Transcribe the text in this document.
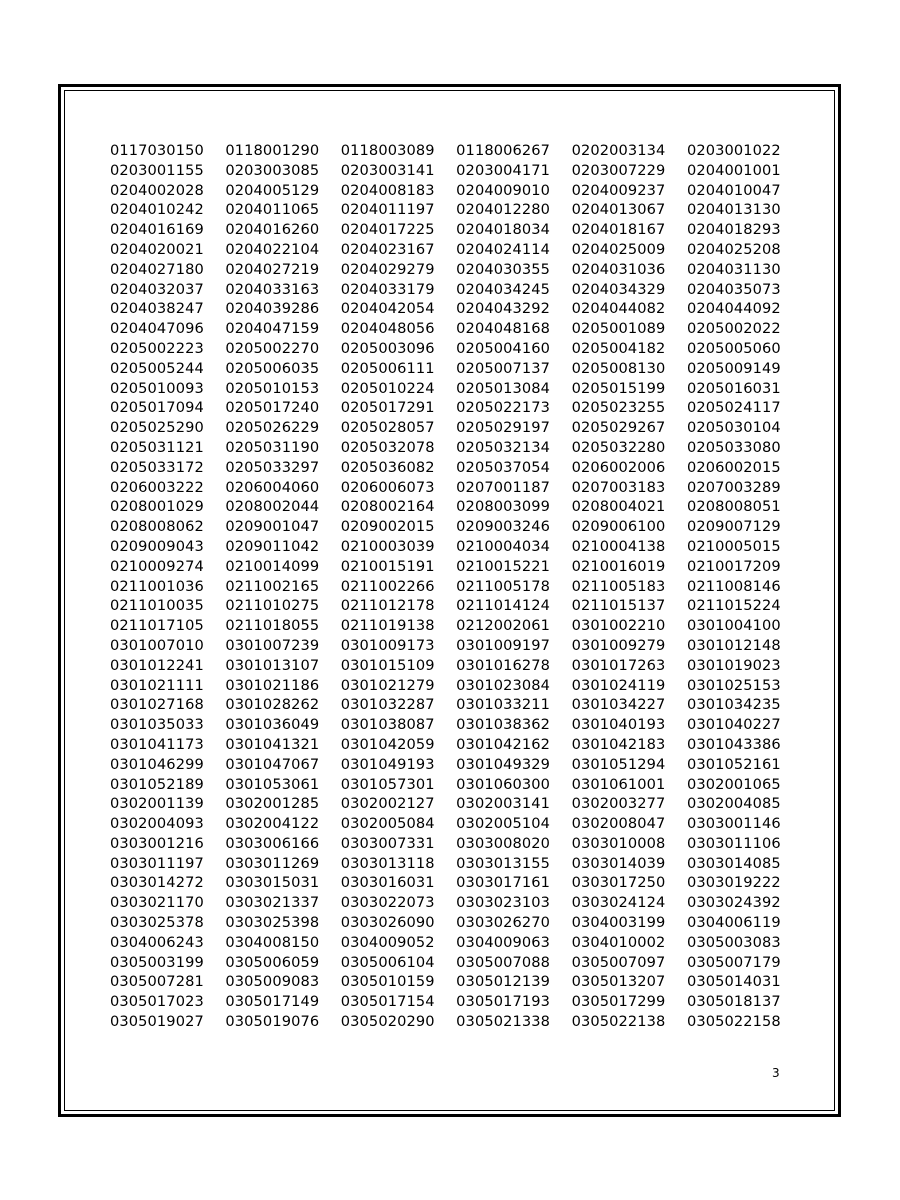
0117030150	0118001290	0118003089	0118006267	0202003134	0203001022
0203001155	0203003085	0203003141	0203004171	0203007229	0204001001
0204002028	0204005129	0204008183	0204009010	0204009237	0204010047
0204010242	0204011065	0204011197	0204012280	0204013067	0204013130
0204016169	0204016260	0204017225	0204018034	0204018167	0204018293
0204020021	0204022104	0204023167	0204024114	0204025009	0204025208
0204027180	0204027219	0204029279	0204030355	0204031036	0204031130
0204032037	0204033163	0204033179	0204034245	0204034329	0204035073
0204038247	0204039286	0204042054	0204043292	0204044082	0204044092
0204047096	0204047159	0204048056	0204048168	0205001089	0205002022
0205002223	0205002270	0205003096	0205004160	0205004182	0205005060
0205005244	0205006035	0205006111	0205007137	0205008130	0205009149
0205010093	0205010153	0205010224	0205013084	0205015199	0205016031
0205017094	0205017240	0205017291	0205022173	0205023255	0205024117
0205025290	0205026229	0205028057	0205029197	0205029267	0205030104
0205031121	0205031190	0205032078	0205032134	0205032280	0205033080
0205033172	0205033297	0205036082	0205037054	0206002006	0206002015
0206003222	0206004060	0206006073	0207001187	0207003183	0207003289
0208001029	0208002044	0208002164	0208003099	0208004021	0208008051
0208008062	0209001047	0209002015	0209003246	0209006100	0209007129
0209009043	0209011042	0210003039	0210004034	0210004138	0210005015
0210009274	0210014099	0210015191	0210015221	0210016019	0210017209
0211001036	0211002165	0211002266	0211005178	0211005183	0211008146
0211010035	0211010275	0211012178	0211014124	0211015137	0211015224
0211017105	0211018055	0211019138	0212002061	0301002210	0301004100
0301007010	0301007239	0301009173	0301009197	0301009279	0301012148
0301012241	0301013107	0301015109	0301016278	0301017263	0301019023
0301021111	0301021186	0301021279	0301023084	0301024119	0301025153
0301027168	0301028262	0301032287	0301033211	0301034227	0301034235
0301035033	0301036049	0301038087	0301038362	0301040193	0301040227
0301041173	0301041321	0301042059	0301042162	0301042183	0301043386
0301046299	0301047067	0301049193	0301049329	0301051294	0301052161
0301052189	0301053061	0301057301	0301060300	0301061001	0302001065
0302001139	0302001285	0302002127	0302003141	0302003277	0302004085
0302004093	0302004122	0302005084	0302005104	0302008047	0303001146
0303001216	0303006166	0303007331	0303008020	0303010008	0303011106
0303011197	0303011269	0303013118	0303013155	0303014039	0303014085
0303014272	0303015031	0303016031	0303017161	0303017250	0303019222
0303021170	0303021337	0303022073	0303023103	0303024124	0303024392
0303025378	0303025398	0303026090	0303026270	0304003199	0304006119
0304006243	0304008150	0304009052	0304009063	0304010002	0305003083
0305003199	0305006059	0305006104	0305007088	0305007097	0305007179
0305007281	0305009083	0305010159	0305012139	0305013207	0305014031
0305017023	0305017149	0305017154	0305017193	0305017299	0305018137
0305019027	0305019076	0305020290	0305021338	0305022138	0305022158
3
